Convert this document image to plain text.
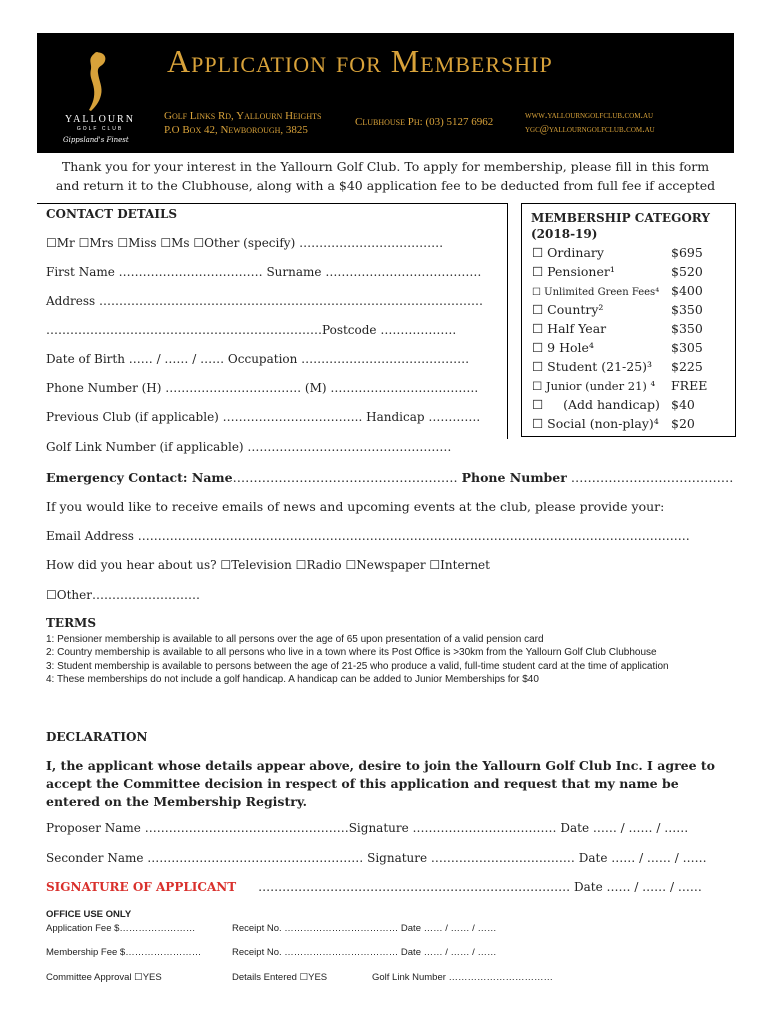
YALLOURN
GOLF CLUB
Gippsland's Finest
Application for Membership
Golf Links Rd, Yallourn Heights
P.O Box 42, Newborough, 3825
Clubhouse Ph: (03) 5127 6962
www.yallourngolfclub.com.au
ygc@yallourngolfclub.com.au
Thank you for your interest in the Yallourn Golf Club. To apply for membership, please fill in this form
and return it to the Clubhouse, along with a $40 application fee to be deducted from full fee if accepted
CONTACT DETAILS
☐Mr ☐Mrs ☐Miss ☐Ms ☐Other (specify) ………………………………
First Name ……………………………… Surname …………………………………
Address ……………………………………………………………………………………
……………………………………………………………Postcode ……………….
Date of Birth …… / …… / …… Occupation ……………………………………
Phone Number (H) ……………………………. (M) ……………………………….
Previous Club (if applicable) …………………………….. Handicap ………….
Golf Link Number (if applicable) ……………………………………………
MEMBERSHIP CATEGORY
(2018-19)
☐ Ordinary	$695
☐ Pensioner¹	$520
☐ Unlimited Green Fees⁴ $400
☐ Country²	$350
☐ Half Year	$350
☐ 9 Hole⁴	$305
☐ Student (21-25)³ $225
☐ Junior (under 21) ⁴ FREE
☐     (Add handicap) $40
☐ Social (non-play)⁴ $20
Emergency Contact: Name……………………………………………… Phone Number …………………………………
If you would like to receive emails of news and upcoming events at the club, please provide your:
Email Address …………………………………………………………………………………………………………………………
How did you hear about us? ☐Television ☐Radio ☐Newspaper ☐Internet
☐Other………………………
TERMS
1: Pensioner membership is available to all persons over the age of 65 upon presentation of a valid pension card
2: Country membership is available to all persons who live in a town where its Post Office is >30km from the Yallourn Golf Club Clubhouse
3: Student membership is available to persons between the age of 21-25 who produce a valid, full-time student card at the time of application
4: These memberships do not include a golf handicap. A handicap can be added to Junior Memberships for $40
DECLARATION
I, the applicant whose details appear above, desire to join the Yallourn Golf Club Inc. I agree to accept the Committee decision in respect of this application and request that my name be entered on the Membership Registry.
Proposer Name ……………………………………………Signature ……………………………… Date …… / …… / ……
Seconder Name ……………………………………………… Signature ……………………………… Date …… / …… / ……
SIGNATURE OF APPLICANT …………………………………………………………………… Date …… / …… / ……
OFFICE USE ONLY
Application Fee $……………………	Receipt No. ……………………………… Date …… / …… / ……
Membership Fee $……………………	Receipt No. ……………………………… Date …… / …… / ……
Committee Approval ☐YES	Details Entered ☐YES	Golf Link Number ……………………………
